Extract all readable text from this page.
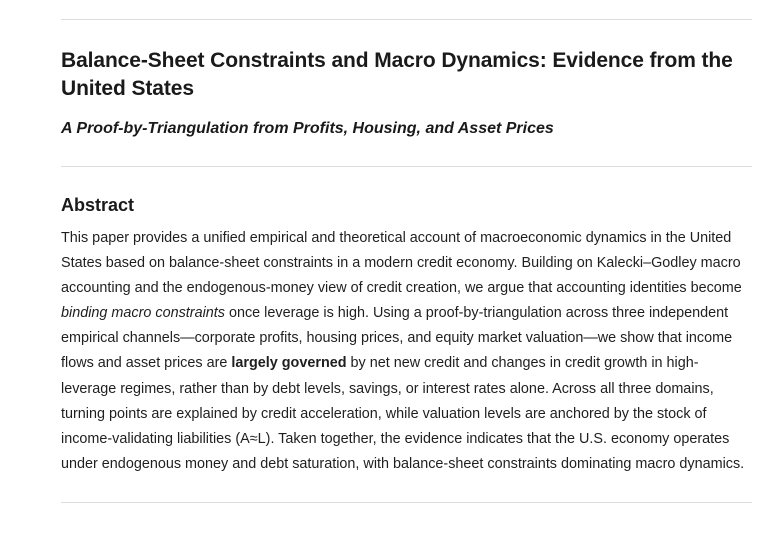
Balance-Sheet Constraints and Macro Dynamics: Evidence from the United States
A Proof-by-Triangulation from Profits, Housing, and Asset Prices
Abstract

This paper provides a unified empirical and theoretical account of macroeconomic dynamics in the United States based on balance-sheet constraints in a modern credit economy. Building on Kalecki–Godley macro accounting and the endogenous-money view of credit creation, we argue that accounting identities become binding macro constraints once leverage is high. Using a proof-by-triangulation across three independent empirical channels—corporate profits, housing prices, and equity market valuation—we show that income flows and asset prices are largely governed by net new credit and changes in credit growth in high-leverage regimes, rather than by debt levels, savings, or interest rates alone. Across all three domains, turning points are explained by credit acceleration, while valuation levels are anchored by the stock of income-validating liabilities (A≈L). Taken together, the evidence indicates that the U.S. economy operates under endogenous money and debt saturation, with balance-sheet constraints dominating macro dynamics.
